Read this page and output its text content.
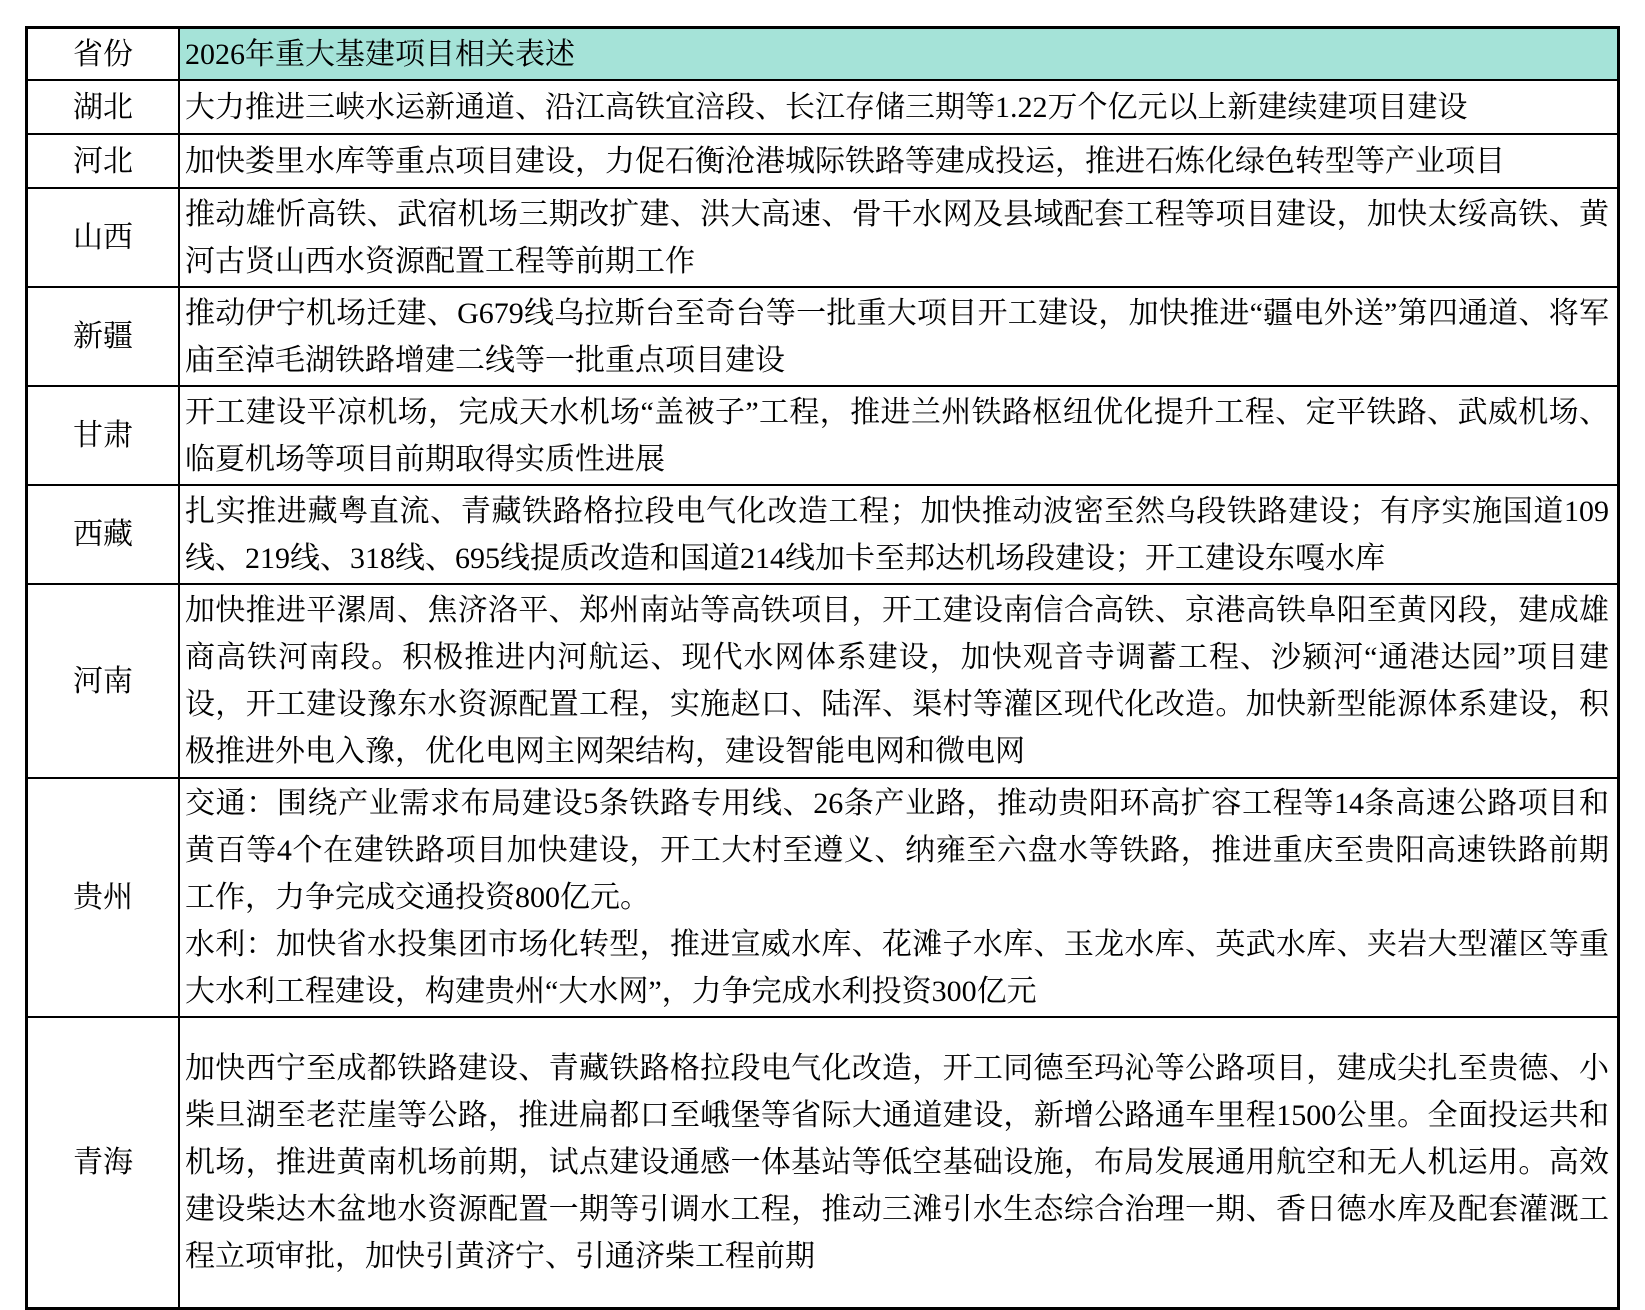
省份	2026年重大基建项目相关表述
湖北	大力推进三峡水运新通道、沿江高铁宜涪段、长江存储三期等1.22万个亿元以上新建续建项目建设

河北	加快娄里水库等重点项目建设，力促石衡沧港城际铁路等建成投运，推进石炼化绿色转型等产业项目

山西	推动雄忻高铁、武宿机场三期改扩建、洪大高速、骨干水网及县域配套工程等项目建设，加快太绥高铁、黄河古贤山西水资源配置工程等前期工作

新疆	推动伊宁机场迁建、G679线乌拉斯台至奇台等一批重大项目开工建设，加快推进“疆电外送”第四通道、将军庙至淖毛湖铁路增建二线等一批重点项目建设

甘肃	开工建设平凉机场，完成天水机场“盖被子”工程，推进兰州铁路枢纽优化提升工程、定平铁路、武威机场、临夏机场等项目前期取得实质性进展

西藏	扎实推进藏粤直流、青藏铁路格拉段电气化改造工程；加快推动波密至然乌段铁路建设；有序实施国道109线、219线、318线、695线提质改造和国道214线加卡至邦达机场段建设；开工建设东嘎水库

河南	加快推进平漯周、焦济洛平、郑州南站等高铁项目，开工建设南信合高铁、京港高铁阜阳至黄冈段，建成雄商高铁河南段。积极推进内河航运、现代水网体系建设，加快观音寺调蓄工程、沙颍河“通港达园”项目建设，开工建设豫东水资源配置工程，实施赵口、陆浑、渠村等灌区现代化改造。加快新型能源体系建设，积极推进外电入豫，优化电网主网架结构，建设智能电网和微电网

贵州	交通：围绕产业需求布局建设5条铁路专用线、26条产业路，推动贵阳环高扩容工程等14条高速公路项目和黄百等4个在建铁路项目加快建设，开工大村至遵义、纳雍至六盘水等铁路，推进重庆至贵阳高速铁路前期工作，力争完成交通投资800亿元。
水利：加快省水投集团市场化转型，推进宣威水库、花滩子水库、玉龙水库、英武水库、夹岩大型灌区等重大水利工程建设，构建贵州“大水网”，力争完成水利投资300亿元

青海	加快西宁至成都铁路建设、青藏铁路格拉段电气化改造，开工同德至玛沁等公路项目，建成尖扎至贵德、小柴旦湖至老茫崖等公路，推进扁都口至峨堡等省际大通道建设，新增公路通车里程1500公里。全面投运共和机场，推进黄南机场前期，试点建设通感一体基站等低空基础设施，布局发展通用航空和无人机运用。高效建设柴达木盆地水资源配置一期等引调水工程，推动三滩引水生态综合治理一期、香日德水库及配套灌溉工程立项审批，加快引黄济宁、引通济柴工程前期
